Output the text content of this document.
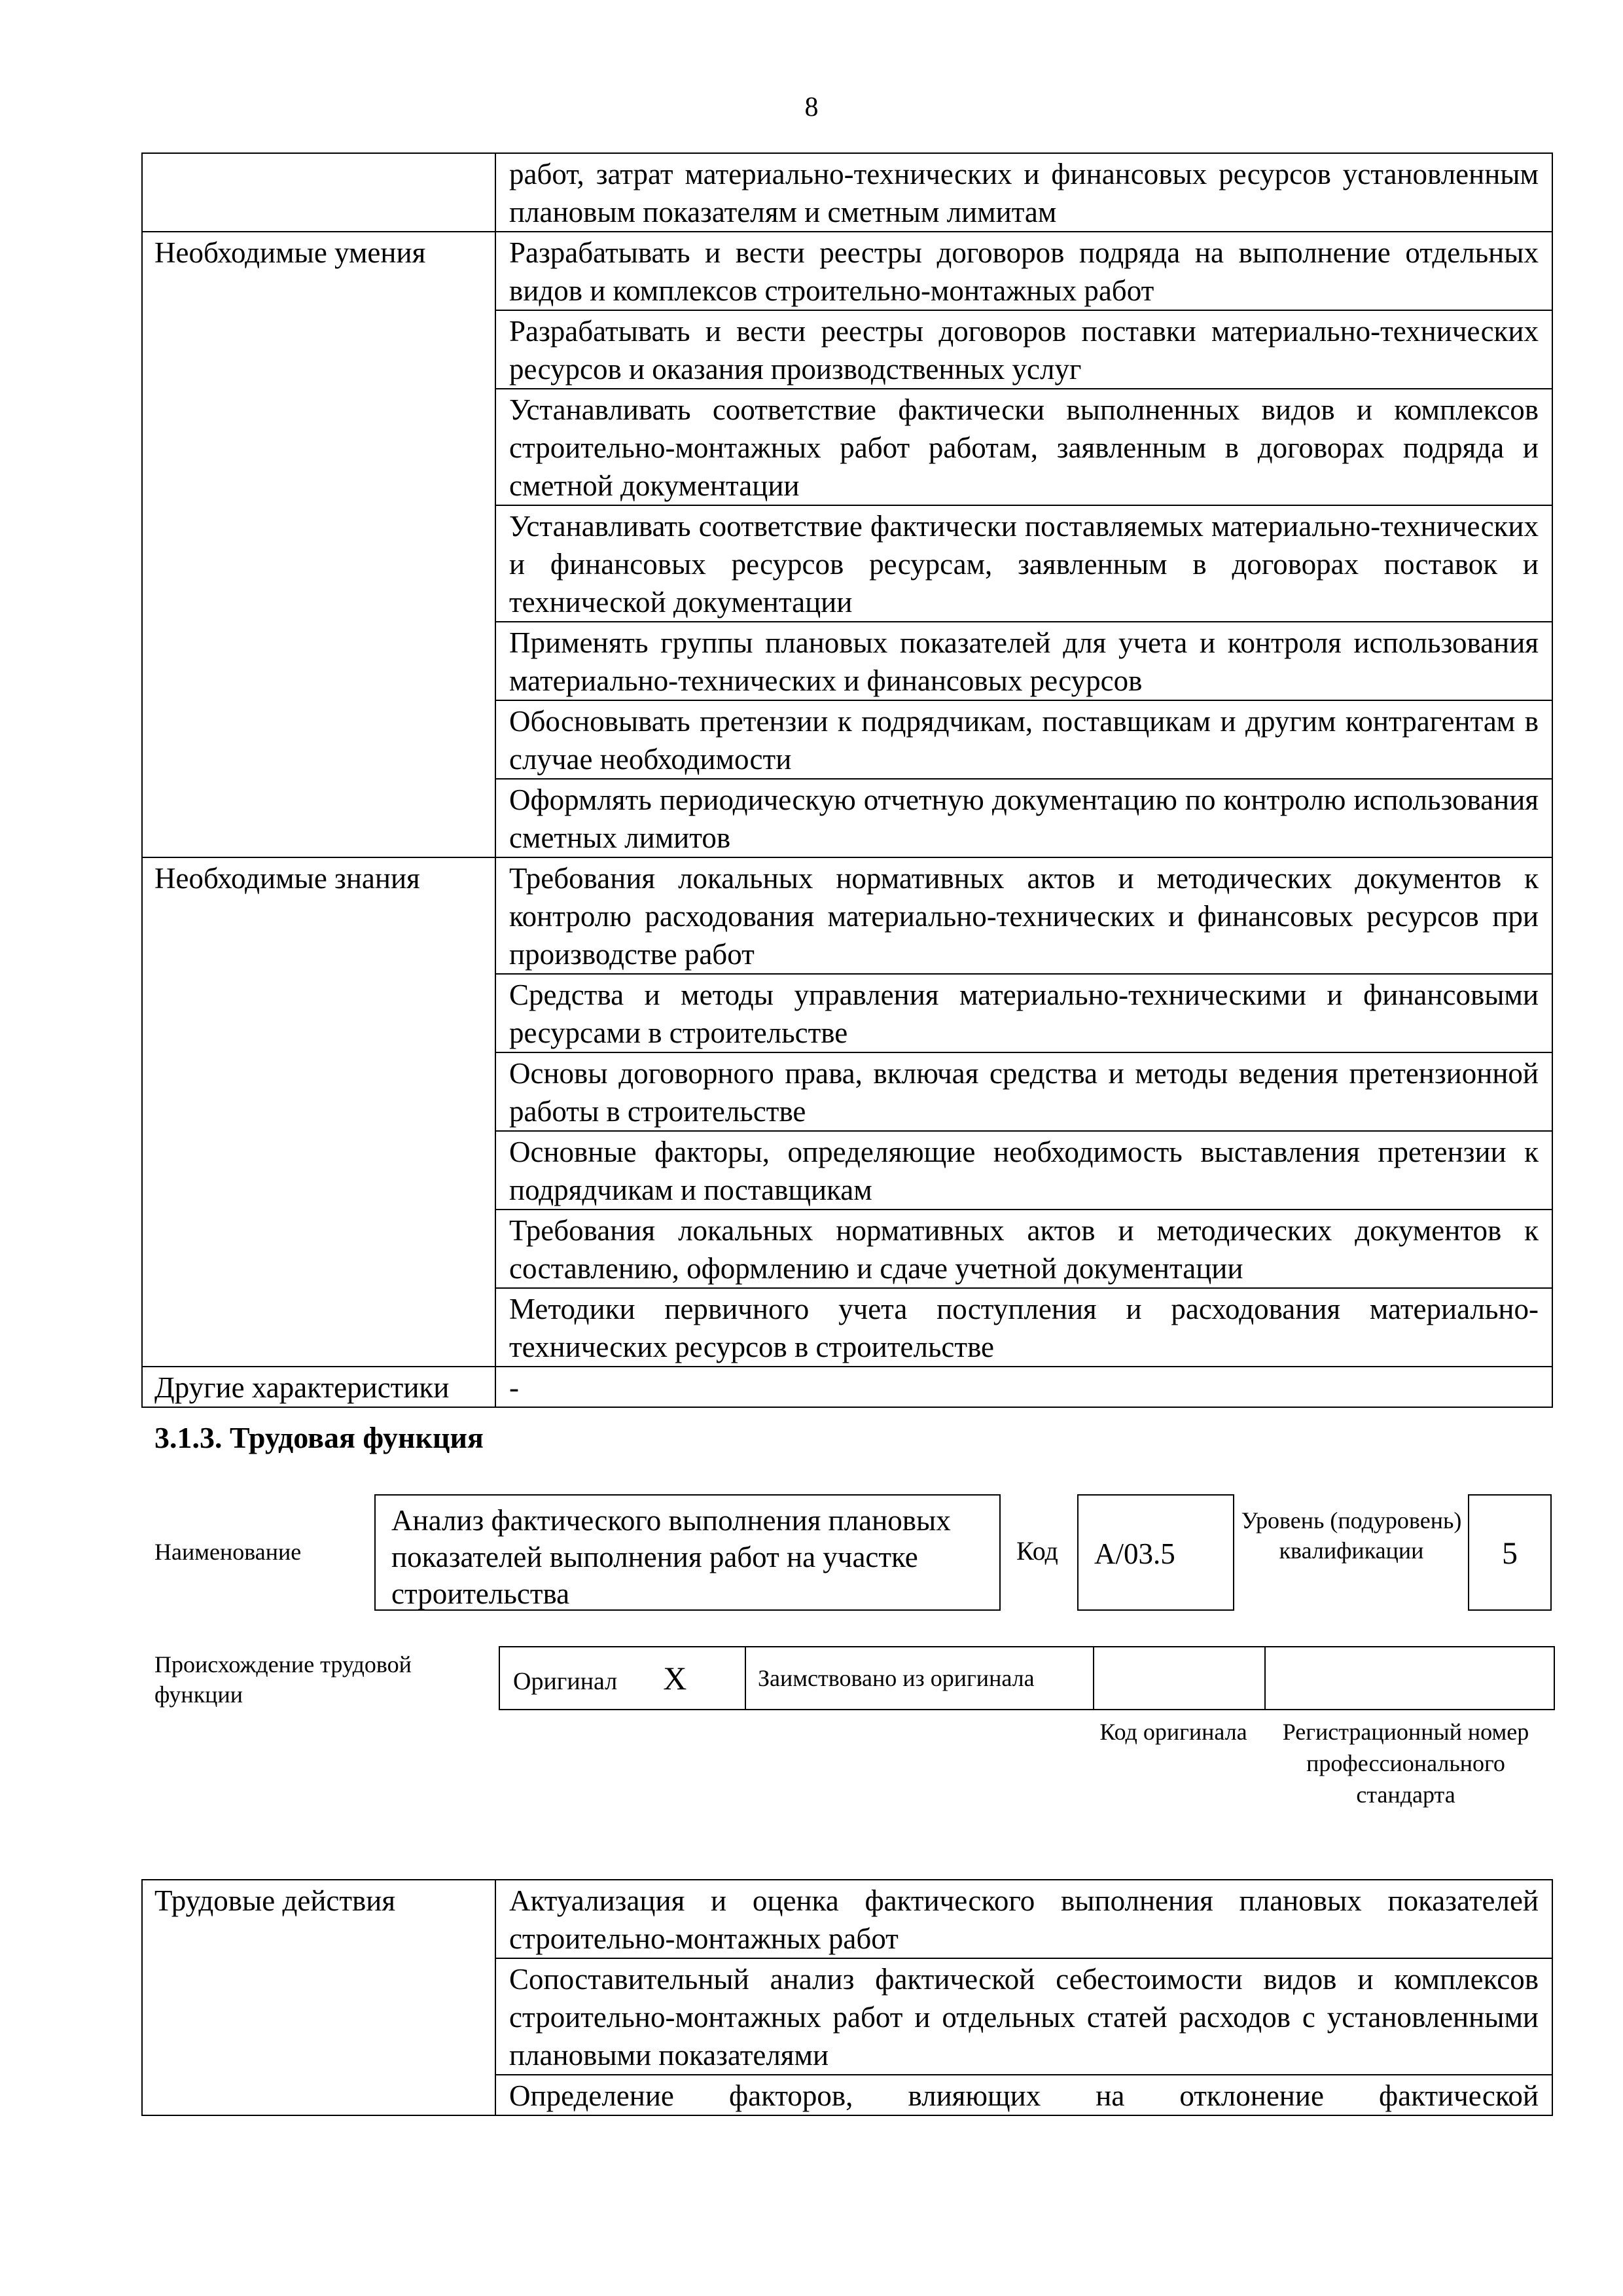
8

	работ, затрат материально-технических и финансовых ресурсов установленным плановым показателям и сметным лимитам

Необходимые умения	Разрабатывать и вести реестры договоров подряда на выполнение отдельных видов и комплексов строительно-монтажных работ

	Разрабатывать и вести реестры договоров поставки материально-технических ресурсов и оказания производственных услуг

	Устанавливать соответствие фактически выполненных видов и комплексов строительно-монтажных работ работам, заявленным в договорах подряда и сметной документации

	Устанавливать соответствие фактически поставляемых материально-технических и финансовых ресурсов ресурсам, заявленным в договорах поставок и технической документации

	Применять группы плановых показателей для учета и контроля использования материально-технических и финансовых ресурсов

	Обосновывать претензии к подрядчикам, поставщикам и другим контрагентам в случае необходимости

	Оформлять периодическую отчетную документацию по контролю использования сметных лимитов

Необходимые знания	Требования локальных нормативных актов и методических документов к контролю расходования материально-технических и финансовых ресурсов при производстве работ

	Средства и методы управления материально-техническими и финансовыми ресурсами в строительстве

	Основы договорного права, включая средства и методы ведения претензионной работы в строительстве

	Основные факторы, определяющие необходимость выставления претензии к подрядчикам и поставщикам

	Требования локальных нормативных актов и методических документов к составлению, оформлению и сдаче учетной документации

	Методики первичного учета поступления и расходования материально-технических ресурсов в строительстве

Другие характеристики	-
3.1.3. Трудовая функция
Наименование
Анализ фактического выполнения плановых показателей выполнения работ на участке строительства
Код	A/03.5
Уровень (подуровень) квалификации	5
Происхождение трудовой функции	Оригинал X	Заимствовано из оригинала

Код оригинала	Регистрационный номер профессионального стандарта
Трудовые действия	Актуализация и оценка фактического выполнения плановых показателей строительно-монтажных работ

Сопоставительный анализ фактической себестоимости видов и комплексов строительно-монтажных работ и отдельных статей расходов с установленными плановыми показателями

Определение факторов, влияющих на отклонение фактической
